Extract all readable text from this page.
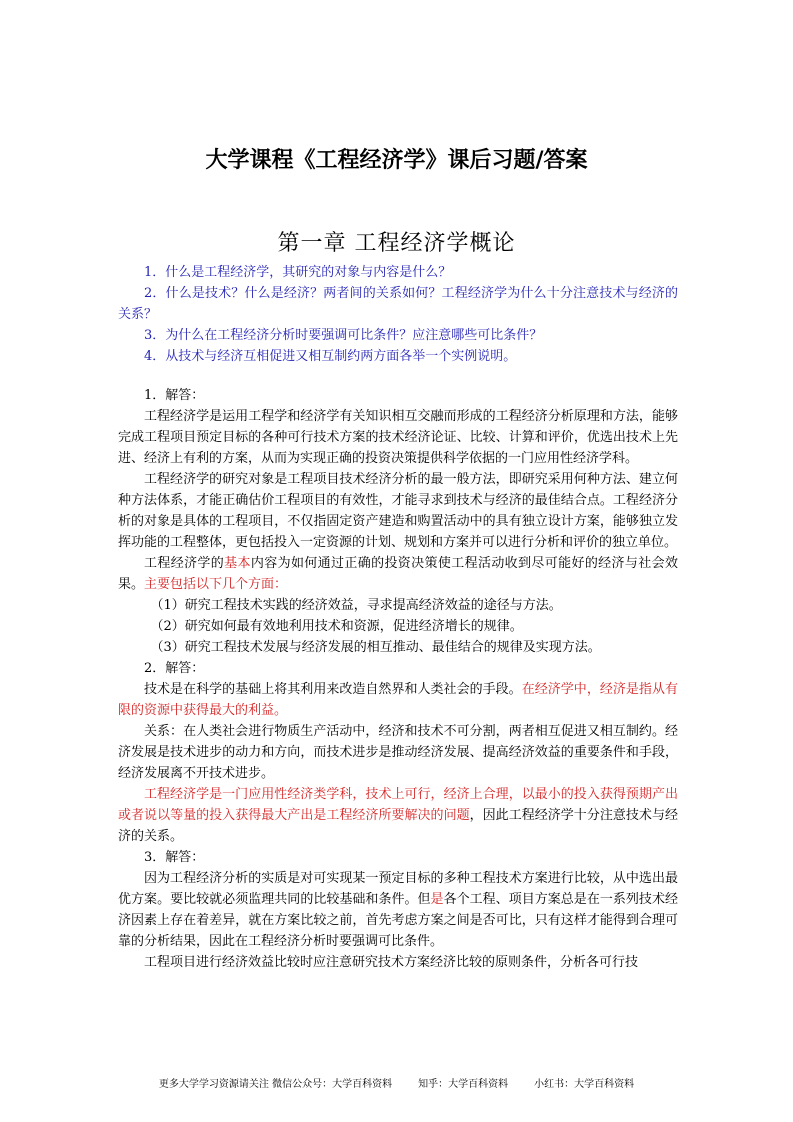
大学课程《工程经济学》课后习题/答案
第一章 工程经济学概论

1．什么是工程经济学，其研究的对象与内容是什么？

2．什么是技术？什么是经济？两者间的关系如何？工程经济学为什么十分注意技术与经济的关系？

3．为什么在工程经济分析时要强调可比条件？应注意哪些可比条件？

4．从技术与经济互相促进又相互制约两方面各举一个实例说明。

1．解答：

工程经济学是运用工程学和经济学有关知识相互交融而形成的工程经济分析原理和方法，能够完成工程项目预定目标的各种可行技术方案的技术经济论证、比较、计算和评价，优选出技术上先进、经济上有利的方案，从而为实现正确的投资决策提供科学依据的一门应用性经济学科。

工程经济学的研究对象是工程项目技术经济分析的最一般方法，即研究采用何种方法、建立何种方法体系，才能正确估价工程项目的有效性，才能寻求到技术与经济的最佳结合点。工程经济分析的对象是具体的工程项目，不仅指固定资产建造和购置活动中的具有独立设计方案，能够独立发挥功能的工程整体，更包括投入一定资源的计划、规划和方案并可以进行分析和评价的独立单位。

工程经济学的基本内容为如何通过正确的投资决策使工程活动收到尽可能好的经济与社会效果。主要包括以下几个方面：

（1）研究工程技术实践的经济效益，寻求提高经济效益的途径与方法。

（2）研究如何最有效地利用技术和资源，促进经济增长的规律。

（3）研究工程技术发展与经济发展的相互推动、最佳结合的规律及实现方法。

2．解答：

技术是在科学的基础上将其利用来改造自然界和人类社会的手段。在经济学中，经济是指从有限的资源中获得最大的利益。

关系：在人类社会进行物质生产活动中，经济和技术不可分割，两者相互促进又相互制约。经济发展是技术进步的动力和方向，而技术进步是推动经济发展、提高经济效益的重要条件和手段，经济发展离不开技术进步。

工程经济学是一门应用性经济类学科，技术上可行，经济上合理，以最小的投入获得预期产出或者说以等量的投入获得最大产出是工程经济所要解决的问题，因此工程经济学十分注意技术与经济的关系。

3．解答：

因为工程经济分析的实质是对可实现某一预定目标的多种工程技术方案进行比较，从中选出最优方案。要比较就必须监理共同的比较基础和条件。但是各个工程、项目方案总是在一系列技术经济因素上存在着差异，就在方案比较之前，首先考虑方案之间是否可比，只有这样才能得到合理可靠的分析结果，因此在工程经济分析时要强调可比条件。

工程项目进行经济效益比较时应注意研究技术方案经济比较的原则条件，分析各可行技

更多大学学习资源请关注 微信公众号：大学百科资料	知乎：大学百科资料	小红书：大学百科资料
